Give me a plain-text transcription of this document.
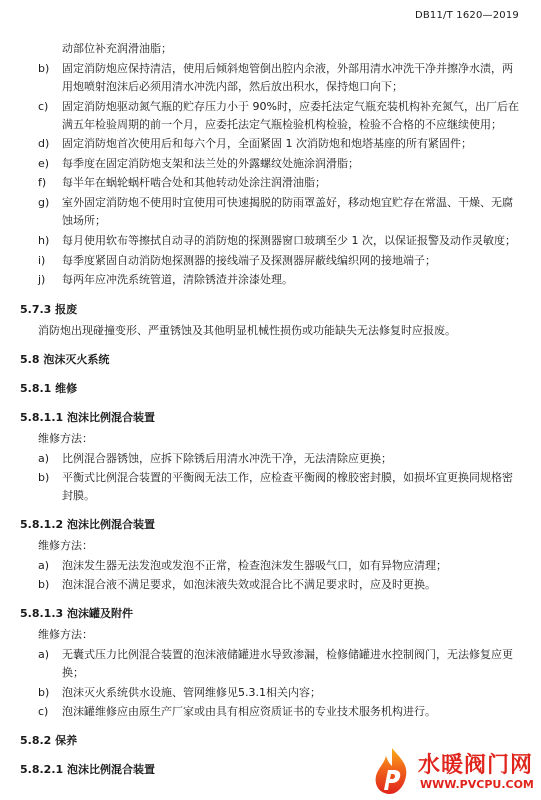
DB11/T 1620—2019
动部位补充润滑油脂；
b) 固定消防炮应保持清洁，使用后倾斜炮管倒出腔内余液，外部用清水冲洗干净并擦净水渍，两
用炮喷射泡沫后必须用清水冲洗内部，然后放出积水，保持炮口向下；
c) 固定消防炮驱动氮气瓶的贮存压力小于 90%时，应委托法定气瓶充装机构补充氮气，出厂后在
满五年检验周期的前一个月，应委托法定气瓶检验机构检验，检验不合格的不应继续使用；
d) 固定消防炮首次使用后和每六个月，全面紧固 1 次消防炮和炮塔基座的所有紧固件；
e) 每季度在固定消防炮支架和法兰处的外露螺纹处施涂润滑脂；
f) 每半年在蜗轮蜗杆啮合处和其他转动处涂注润滑油脂；
g) 室外固定消防炮不使用时宜使用可快速揭脱的防雨罩盖好，移动炮宜贮存在常温、干燥、无腐
蚀场所；
h) 每月使用软布等擦拭自动寻的消防炮的探测器窗口玻璃至少 1 次，以保证报警及动作灵敏度；
i) 每季度紧固自动消防炮探测器的接线端子及探测器屏蔽线编织网的接地端子；
j) 每两年应冲洗系统管道，清除锈渣并涂漆处理。
5.7.3 报废
消防炮出现碰撞变形、严重锈蚀及其他明显机械性损伤或功能缺失无法修复时应报废。
5.8 泡沫灭火系统
5.8.1 维修
5.8.1.1 泡沫比例混合装置
维修方法：
a) 比例混合器锈蚀，应拆下除锈后用清水冲洗干净，无法清除应更换；
b) 平衡式比例混合装置的平衡阀无法工作，应检查平衡阀的橡胶密封膜，如损坏宜更换同规格密
封膜。
5.8.1.2 泡沫比例混合装置
维修方法：
a) 泡沫发生器无法发泡或发泡不正常，检查泡沫发生器吸气口，如有异物应清理；
b) 泡沫混合液不满足要求，如泡沫液失效或混合比不满足要求时，应及时更换。
5.8.1.3 泡沫罐及附件
维修方法：
a) 无囊式压力比例混合装置的泡沫液储罐进水导致渗漏，检修储罐进水控制阀门，无法修复应更
换；
b) 泡沫灭火系统供水设施、管网维修见5.3.1相关内容；
c) 泡沫罐维修应由原生产厂家或由具有相应资质证书的专业技术服务机构进行。
5.8.2 保养
5.8.2.1 泡沫比例混合装置	水暖阀门网
WWW.PVCPU.COM
